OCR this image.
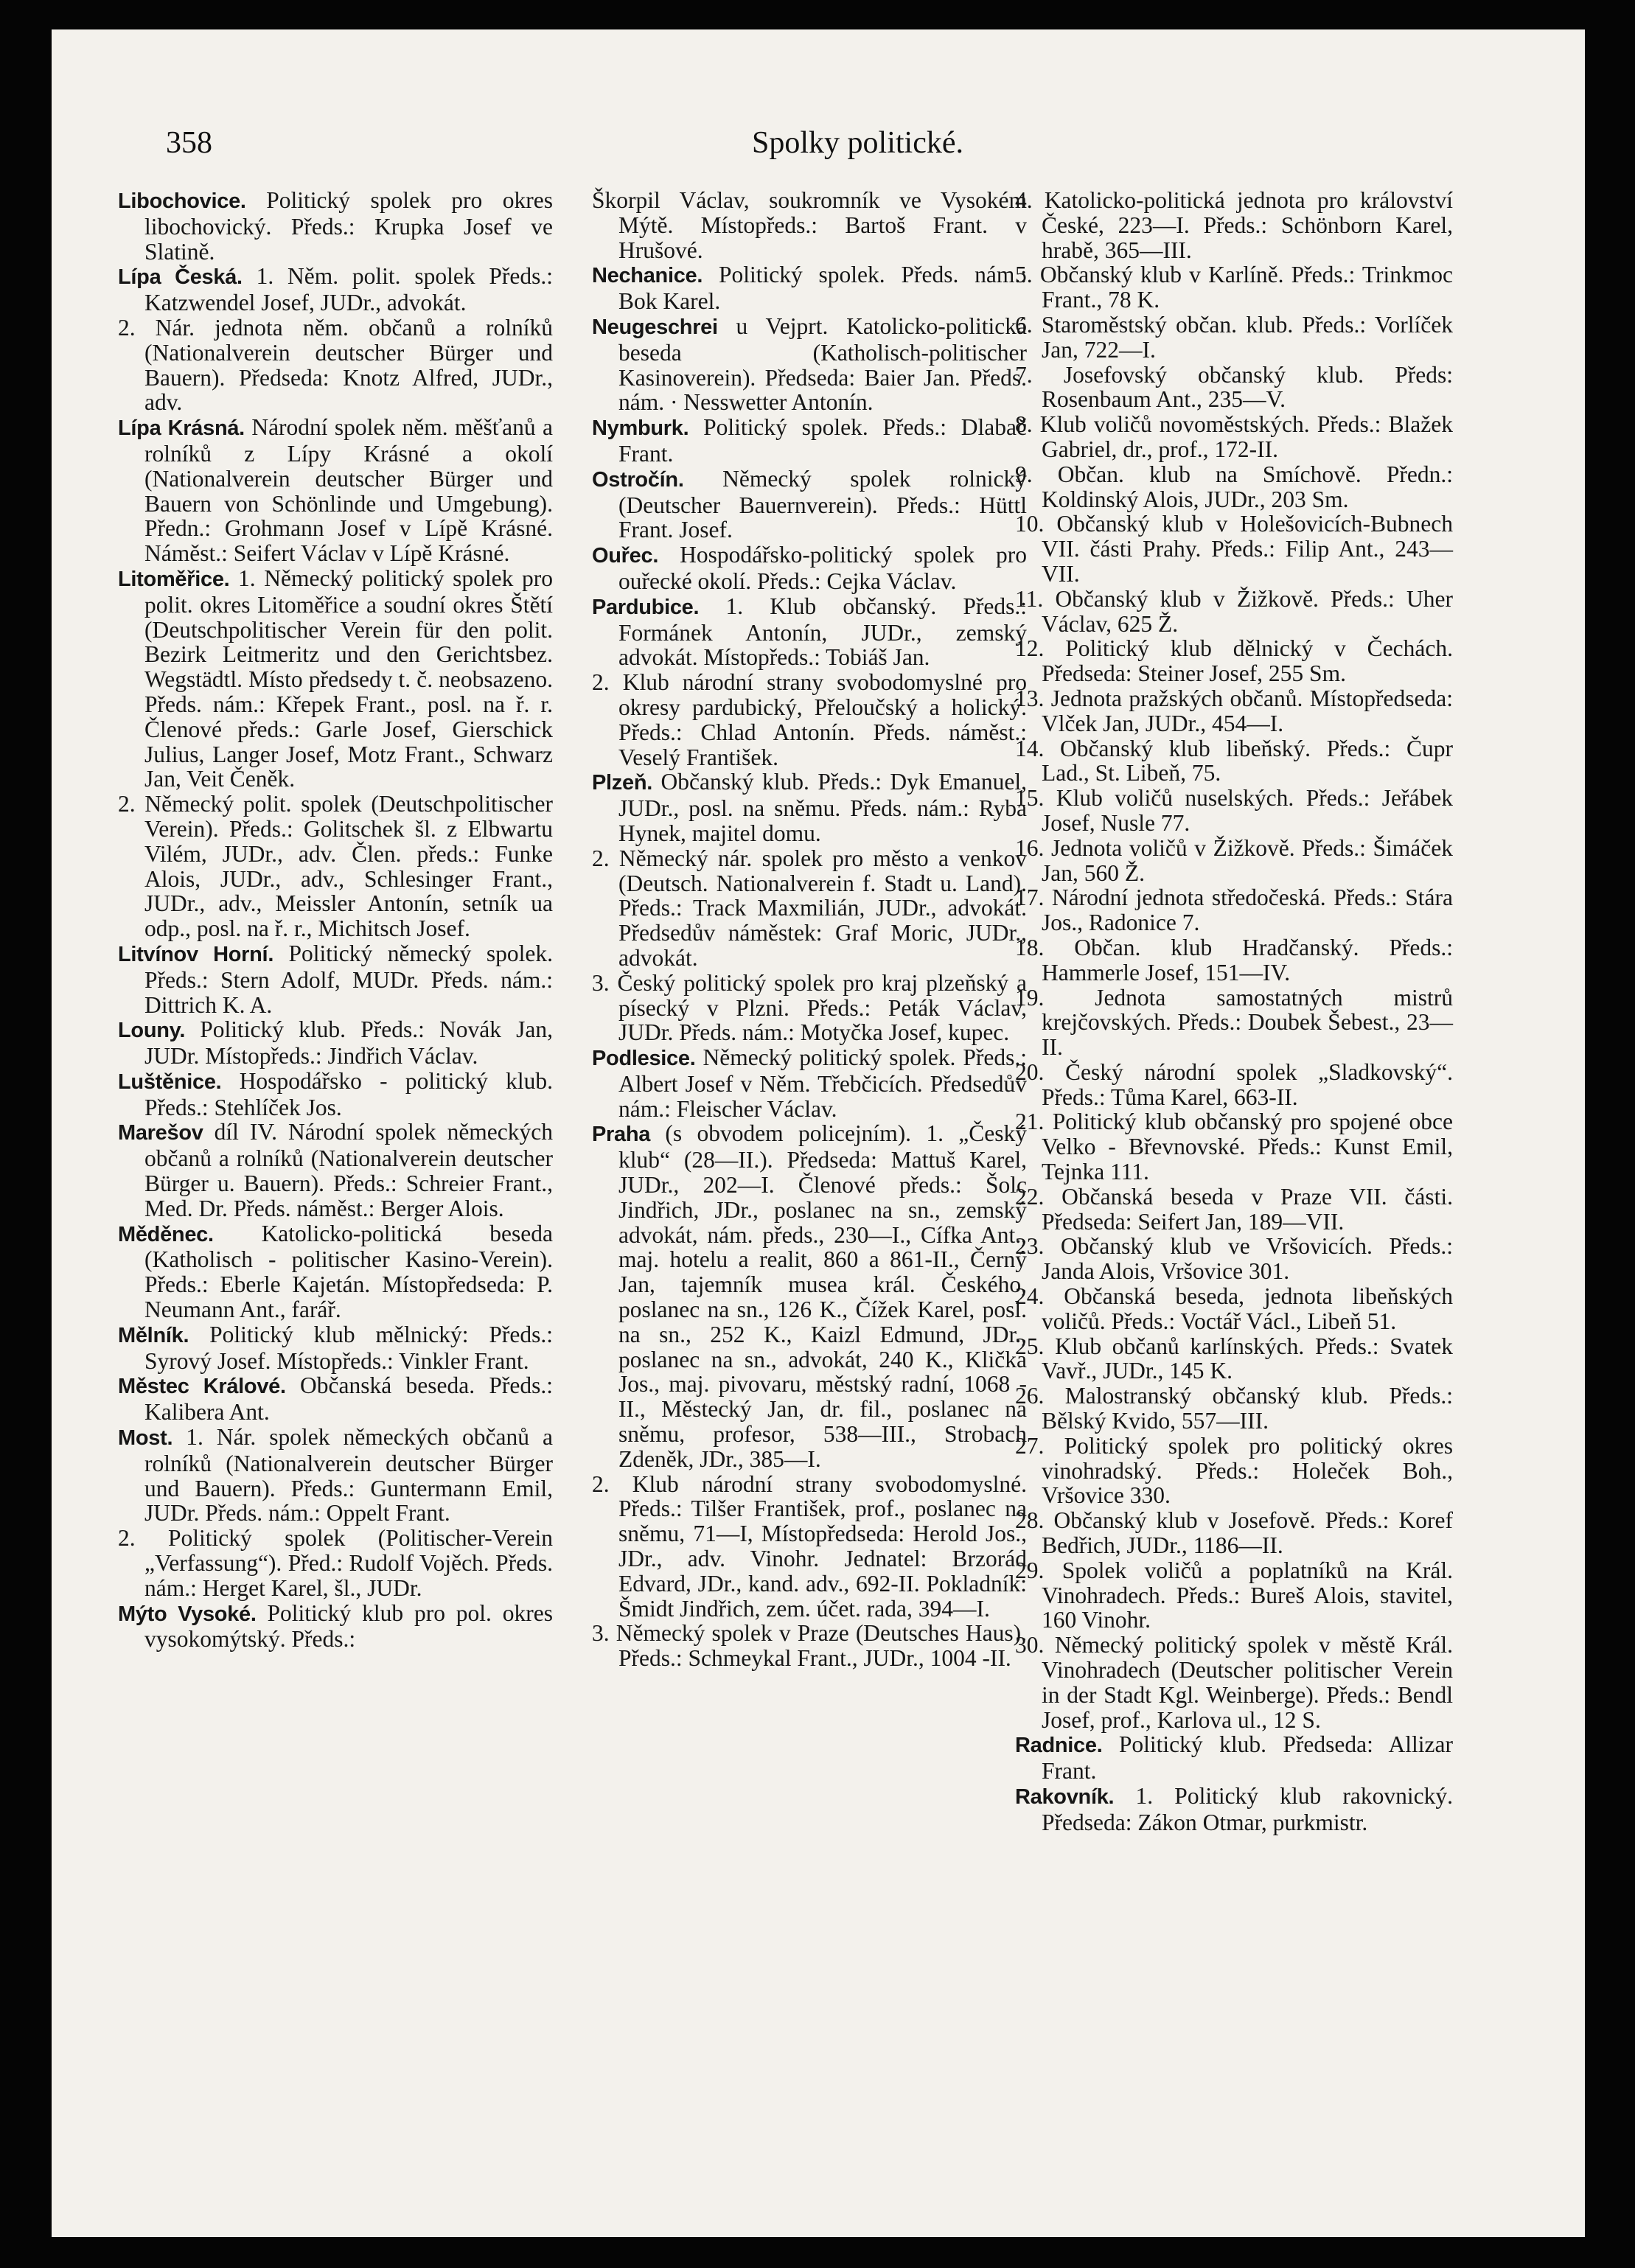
358	Spolky politické.

Libochovice. Politický spolek pro okres libochovický. Předs.: Krupka Josef ve Slatině.

Lípa Česká. 1. Něm. polit. spolek Předs.: Katzwendel Josef, JUDr., advokát.

2. Nár. jednota něm. občanů a rolníků (Nationalverein deutscher Bürger und Bauern). Předseda: Knotz Alfred, JUDr., adv.

Lípa Krásná. Národní spolek něm. měšťanů a rolníků z Lípy Krásné a okolí (Nationalverein deutscher Bürger und Bauern von Schönlinde und Umgebung). Předn.: Grohmann Josef v Lípě Krásné. Náměst.: Seifert Václav v Lípě Krásné.

Litoměřice. 1. Německý politický spolek pro polit. okres Litoměřice a soudní okres Štětí (Deutschpolitischer Verein für den polit. Bezirk Leitmeritz und den Gerichtsbez. Wegstädtl. Místo předsedy t. č. neobsazeno. Předs. nám.: Křepek Frant., posl. na ř. r. Členové předs.: Garle Josef, Gierschick Julius, Langer Josef, Motz Frant., Schwarz Jan, Veit Čeněk.

2. Německý polit. spolek (Deutschpolitischer Verein). Předs.: Golitschek šl. z Elbwartu Vilém, JUDr., adv. Člen. předs.: Funke Alois, JUDr., adv., Schlesinger Frant., JUDr., adv., Meissler Antonín, setník ua odp., posl. na ř. r., Michitsch Josef.

Litvínov Horní. Politický německý spolek. Předs.: Stern Adolf, MUDr. Předs. nám.: Dittrich K. A.

Louny. Politický klub. Předs.: Novák Jan, JUDr. Místopředs.: Jindřich Václav.

Luštěnice. Hospodářsko - politický klub. Předs.: Stehlíček Jos.

Marešov díl IV. Národní spolek německých občanů a rolníků (Nationalverein deutscher Bürger u. Bauern). Předs.: Schreier Frant., Med. Dr. Předs. náměst.: Berger Alois.

Měděnec. Katolicko-politická beseda (Katholisch - politischer Kasino-Verein). Předs.: Eberle Kajetán. Místopředseda: P. Neumann Ant., farář.

Mělník. Politický klub mělnický: Předs.: Syrový Josef. Místopředs.: Vinkler Frant.

Městec Králové. Občanská beseda. Předs.: Kalibera Ant.

Most. 1. Nár. spolek německých občanů a rolníků (Nationalverein deutscher Bürger und Bauern). Předs.: Guntermann Emil, JUDr. Předs. nám.: Oppelt Frant.

2. Politický spolek (Politischer-Verein „Verfassung“). Před.: Rudolf Vojěch. Předs. nám.: Herget Karel, šl., JUDr.

Mýto Vysoké. Politický klub pro pol. okres vysokomýtský. Předs.:

Škorpil Václav, soukromník ve Vysokém Mýtě. Místopředs.: Bartoš Frant. v Hrušové.

Nechanice. Politický spolek. Předs. nám.: Bok Karel.

Neugeschrei u Vejprt. Katolicko-politická beseda (Katholisch-politischer Kasinoverein). Předseda: Baier Jan. Předs. nám. · Nesswetter Antonín.

Nymburk. Politický spolek. Předs.: Dlabač Frant.

Ostročín. Německý spolek rolnický (Deutscher Bauernverein). Předs.: Hüttl Frant. Josef.

Ouřec. Hospodářsko-politický spolek pro ouřecké okolí. Předs.: Cejka Václav.

Pardubice. 1. Klub občanský. Předs.: Formánek Antonín, JUDr., zemský advokát. Místopředs.: Tobiáš Jan.

2. Klub národní strany svobodomyslné pro okresy pardubický, Přeloučský a holický. Předs.: Chlad Antonín. Předs. náměst.: Veselý František.

Plzeň. Občanský klub. Předs.: Dyk Emanuel, JUDr., posl. na sněmu. Předs. nám.: Ryba Hynek, majitel domu.

2. Německý nár. spolek pro město a venkov (Deutsch. Nationalverein f. Stadt u. Land). Předs.: Track Maxmilián, JUDr., advokát. Předsedův náměstek: Graf Moric, JUDr., advokát.

3. Český politický spolek pro kraj plzeňský a písecký v Plzni. Předs.: Peták Václav, JUDr. Předs. nám.: Motyčka Josef, kupec.

Podlesice. Německý politický spolek. Předs.: Albert Josef v Něm. Třebčicích. Předsedův nám.: Fleischer Václav.

Praha (s obvodem policejním). 1. „Český klub“ (28—II.). Předseda: Mattuš Karel, JUDr., 202—I. Členové předs.: Šolc Jindřich, JDr., poslanec na sn., zemský advokát, nám. předs., 230—I., Cífka Ant., maj. hotelu a realit, 860 a 861-II., Černý Jan, tajemník musea král. Českého, poslanec na sn., 126 K., Čížek Karel, posl. na sn., 252 K., Kaizl Edmund, JDr., poslanec na sn., advokát, 240 K., Klička Jos., maj. pivovaru, městský radní, 1068 - II., Městecký Jan, dr. fil., poslanec na sněmu, profesor, 538—III., Strobach Zdeněk, JDr., 385—I.

2. Klub národní strany svobodomyslné. Předs.: Tilšer František, prof., poslanec na sněmu, 71—I, Místopředseda: Herold Jos., JDr., adv. Vinohr. Jednatel: Brzorád Edvard, JDr., kand. adv., 692-II. Pokladník: Šmidt Jindřich, zem. účet. rada, 394—I.

3. Německý spolek v Praze (Deutsches Haus). Předs.: Schmeykal Frant., JUDr., 1004 -II.

4. Katolicko-politická jednota pro království České, 223—I. Předs.: Schönborn Karel, hrabě, 365—III.

5. Občanský klub v Karlíně. Předs.: Trinkmoc Frant., 78 K.

6. Staroměstský občan. klub. Předs.: Vorlíček Jan, 722—I.

7. Josefovský občanský klub. Předs: Rosenbaum Ant., 235—V.

8. Klub voličů novoměstských. Předs.: Blažek Gabriel, dr., prof., 172-II.

9. Občan. klub na Smíchově. Předn.: Koldinský Alois, JUDr., 203 Sm.

10. Občanský klub v Holešovicích-Bubnech VII. části Prahy. Předs.: Filip Ant., 243—VII.

11. Občanský klub v Žižkově. Předs.: Uher Václav, 625 Ž.

12. Politický klub dělnický v Čechách. Předseda: Steiner Josef, 255 Sm.

13. Jednota pražských občanů. Místopředseda: Vlček Jan, JUDr., 454—I.

14. Občanský klub libeňský. Předs.: Čupr Lad., St. Libeň, 75.

15. Klub voličů nuselských. Předs.: Jeřábek Josef, Nusle 77.

16. Jednota voličů v Žižkově. Předs.: Šimáček Jan, 560 Ž.

17. Národní jednota středočeská. Předs.: Stára Jos., Radonice 7.

18. Občan. klub Hradčanský. Předs.: Hammerle Josef, 151—IV.

19. Jednota samostatných mistrů krejčovských. Předs.: Doubek Šebest., 23—II.

20. Český národní spolek „Sladkovský“. Předs.: Tůma Karel, 663-II.

21. Politický klub občanský pro spojené obce Velko - Břevnovské. Předs.: Kunst Emil, Tejnka 111.

22. Občanská beseda v Praze VII. části. Předseda: Seifert Jan, 189—VII.

23. Občanský klub ve Vršovicích. Předs.: Janda Alois, Vršovice 301.

24. Občanská beseda, jednota libeňských voličů. Předs.: Voctář Václ., Libeň 51.

25. Klub občanů karlínských. Předs.: Svatek Vavř., JUDr., 145 K.

26. Malostranský občanský klub. Předs.: Bělský Kvido, 557—III.

27. Politický spolek pro politický okres vinohradský. Předs.: Holeček Boh., Vršovice 330.

28. Občanský klub v Josefově. Předs.: Koref Bedřich, JUDr., 1186—II.

29. Spolek voličů a poplatníků na Král. Vinohradech. Předs.: Bureš Alois, stavitel, 160 Vinohr.

30. Německý politický spolek v městě Král. Vinohradech (Deutscher politischer Verein in der Stadt Kgl. Weinberge). Předs.: Bendl Josef, prof., Karlova ul., 12 S.

Radnice. Politický klub. Předseda: Allizar Frant.

Rakovník. 1. Politický klub rakovnický. Předseda: Zákon Otmar, purkmistr.
